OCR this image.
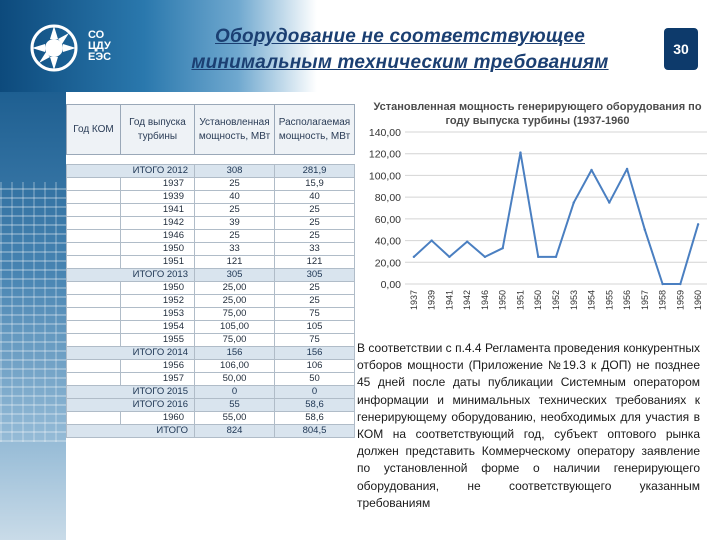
СО
ЦДУ
ЕЭС
Оборудование не соответствующее минимальным техническим требованиям
30
Год КОМ	Год выпуска турбины	Установленная мощность, МВт	Располагаемая мощность, МВт

ИТОГО 2012		308	281,9
	1937	25	15,9
	1939	40	40
	1941	25	25
	1942	39	25
	1946	25	25
	1950	33	33
	1951	121	121
ИТОГО 2013		305	305
	1950	25,00	25
	1952	25,00	25
	1953	75,00	75
	1954	105,00	105
	1955	75,00	75
ИТОГО 2014		156	156
	1956	106,00	106
	1957	50,00	50
ИТОГО 2015		0	0
ИТОГО 2016		55	58,6
	1960	55,00	58,6
ИТОГО		824	804,5
Установленная мощность генерирующего оборудования по году выпуска турбины (1937-1960
0,00
20,00
40,00
60,00
80,00
100,00
120,00
140,00
1937 1939 1941 1942 1946 1950 1951 1950 1952 1953 1954 1955 1956 1957 1958 1959 1960
В соответствии с п.4.4 Регламента проведения конкурентных отборов мощности (Приложение №19.3 к ДОП) не позднее 45 дней после даты публикации Системным оператором информации и минимальных технических требованиях к генерирующему оборудованию, необходимых для участия в КОМ на соответствующий год, субъект оптового рынка должен представить Коммерческому оператору заявление по установленной форме о наличии генерирующего оборудования, не соответствующего указанным требованиям
